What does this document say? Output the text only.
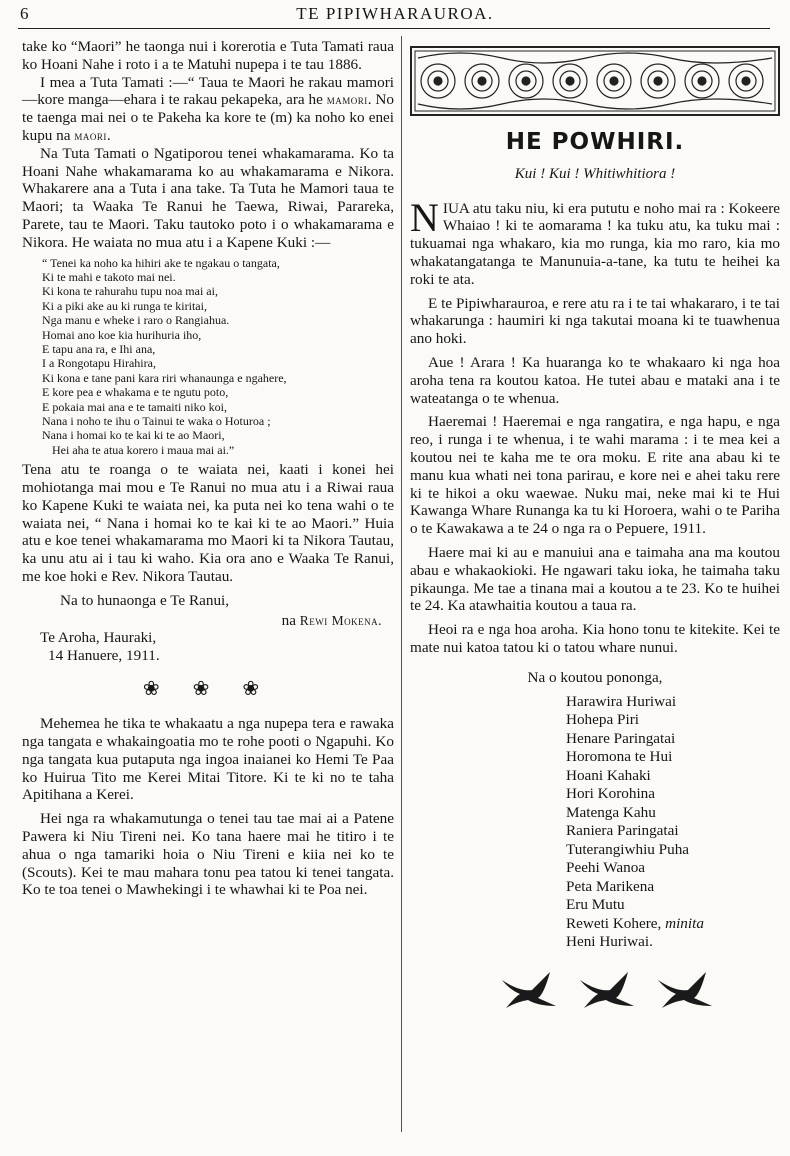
6	TE PIPIWHARAUROA.

take ko “Maori” he taonga nui i korerotia e Tuta Tamati raua ko Hoani Nahe i roto i a te Matuhi nupepa i te tau 1886.

I mea a Tuta Tamati :—“ Taua te Maori he rakau mamori—kore manga—ehara i te rakau pekapeka, ara he mamori. No te taenga mai nei o te Pakeha ka kore te (m) ka noho ko enei kupu na maori.

Na Tuta Tamati o Ngatiporou tenei whakamarama. Ko ta Hoani Nahe whakamarama ko au whakamarama e Nikora. Whakarere ana a Tuta i ana take. Ta Tuta he Mamori taua te Maori; ta Waaka Te Ranui he Taewa, Riwai, Parareka, Parete, tau te Maori. Taku tautoko poto i o whakamarama e Nikora. He waiata no mua atu i a Kapene Kuki :—

“ Tenei ka noho ka hihiri ake te ngakau o tangata,
Ki te mahi e takoto mai nei.
Ki kona te rahurahu tupu noa mai ai,
Ki a piki ake au ki runga te kiritai,
Nga manu e wheke i raro o Rangiahua.
Homai ano koe kia hurihuria iho,
E tapu ana ra, e Ihi ana,
I a Rongotapu Hirahira,
Ki kona e tane pani kara riri whanaunga e ngahere,
E kore pea e whakama e te ngutu poto,
E pokaia mai ana e te tamaiti niko koi,
Nana i noho te ihu o Tainui te waka o Hoturoa ;
Nana i homai ko te kai ki te ao Maori,
Hei aha te atua korero i maua mai ai.”

Tena atu te roanga o te waiata nei, kaati i konei hei mohiotanga mai mou e Te Ranui no mua atu i a Riwai raua ko Kapene Kuki te waiata nei, ka puta nei ko tena wahi o te waiata nei, “ Nana i homai ko te kai ki te ao Maori.” Huia atu e koe tenei whakamarama mo Maori ki ta Nikora Tautau, ka unu atu ai i tau ki waho. Kia ora ano e Waaka Te Ranui, me koe hoki e Rev. Nikora Tautau.

Na to hunaonga e Te Ranui,

na Rewi Mokena.

Te Aroha, Hauraki,
14 Hanuere, 1911.
❀ ❀ ❀

Mehemea he tika te whakaatu a nga nupepa tera e rawaka nga tangata e whakaingoatia mo te rohe pooti o Ngapuhi. Ko nga tangata kua putaputa nga ingoa inaianei ko Hemi Te Paa ko Huirua Tito me Kerei Mitai Titore. Ki te ki no te taha Apitihana a Kerei.

Hei nga ra whakamutunga o tenei tau tae mai ai a Patene Pawera ki Niu Tireni nei. Ko tana haere mai he titiro i te ahua o nga tamariki hoia o Niu Tireni e kiia nei ko te (Scouts). Kei te mau mahara tonu pea tatou ki tenei tangata. Ko te toa tenei o Mawhekingi i te whawhai ki te Poa nei.

HE POWHIRI.
Kui ! Kui ! Whitiwhitiora !

NIUA atu taku niu, ki era pututu e noho mai ra : Kokeere Whaiao ! ki te aomarama ! ka tuku atu, ka tuku mai : tukuamai nga whakaro, kia mo runga, kia mo raro, kia mo whakatangatanga te Manunuia-a-tane, ka tutu te heihei ka roki te ata.

E te Pipiwharauroa, e rere atu ra i te tai whakararo, i te tai whakarunga : haumiri ki nga takutai moana ki te tuawhenua ano hoki.

Aue ! Arara ! Ka huaranga ko te whakaaro ki nga hoa aroha tena ra koutou katoa. He tutei abau e mataki ana i te wateatanga o te whenua.

Haeremai ! Haeremai e nga rangatira, e nga hapu, e nga reo, i runga i te whenua, i te wahi marama : i te mea kei a koutou nei te kaha me te ora moku. E rite ana abau ki te manu kua whati nei tona parirau, e kore nei e ahei taku rere ki te hikoi a oku waewae. Nuku mai, neke mai ki te Hui Kawanga Whare Runanga ka tu ki Horoera, wahi o te Pariha o te Kawakawa a te 24 o nga ra o Pepuere, 1911.

Haere mai ki au e manuiui ana e taimaha ana ma koutou abau e whakaokioki. He ngawari taku ioka, he taimaha taku pikaunga. Me tae a tinana mai a koutou a te 23. Ko te huihei te 24. Ka atawhaitia koutou a taua ra.

Heoi ra e nga hoa aroha. Kia hono tonu te kitekite. Kei te mate nui katoa tatou ki o tatou whare nunui.

Na o koutou pononga,
Harawira Huriwai
Hohepa Piri
Henare Paringatai
Horomona te Hui
Hoani Kahaki
Hori Korohina
Matenga Kahu
Raniera Paringatai
Tuterangiwhiu Puha
Peehi Wanoa
Peta Marikena
Eru Mutu
Reweti Kohere, minita
Heni Huriwai.
